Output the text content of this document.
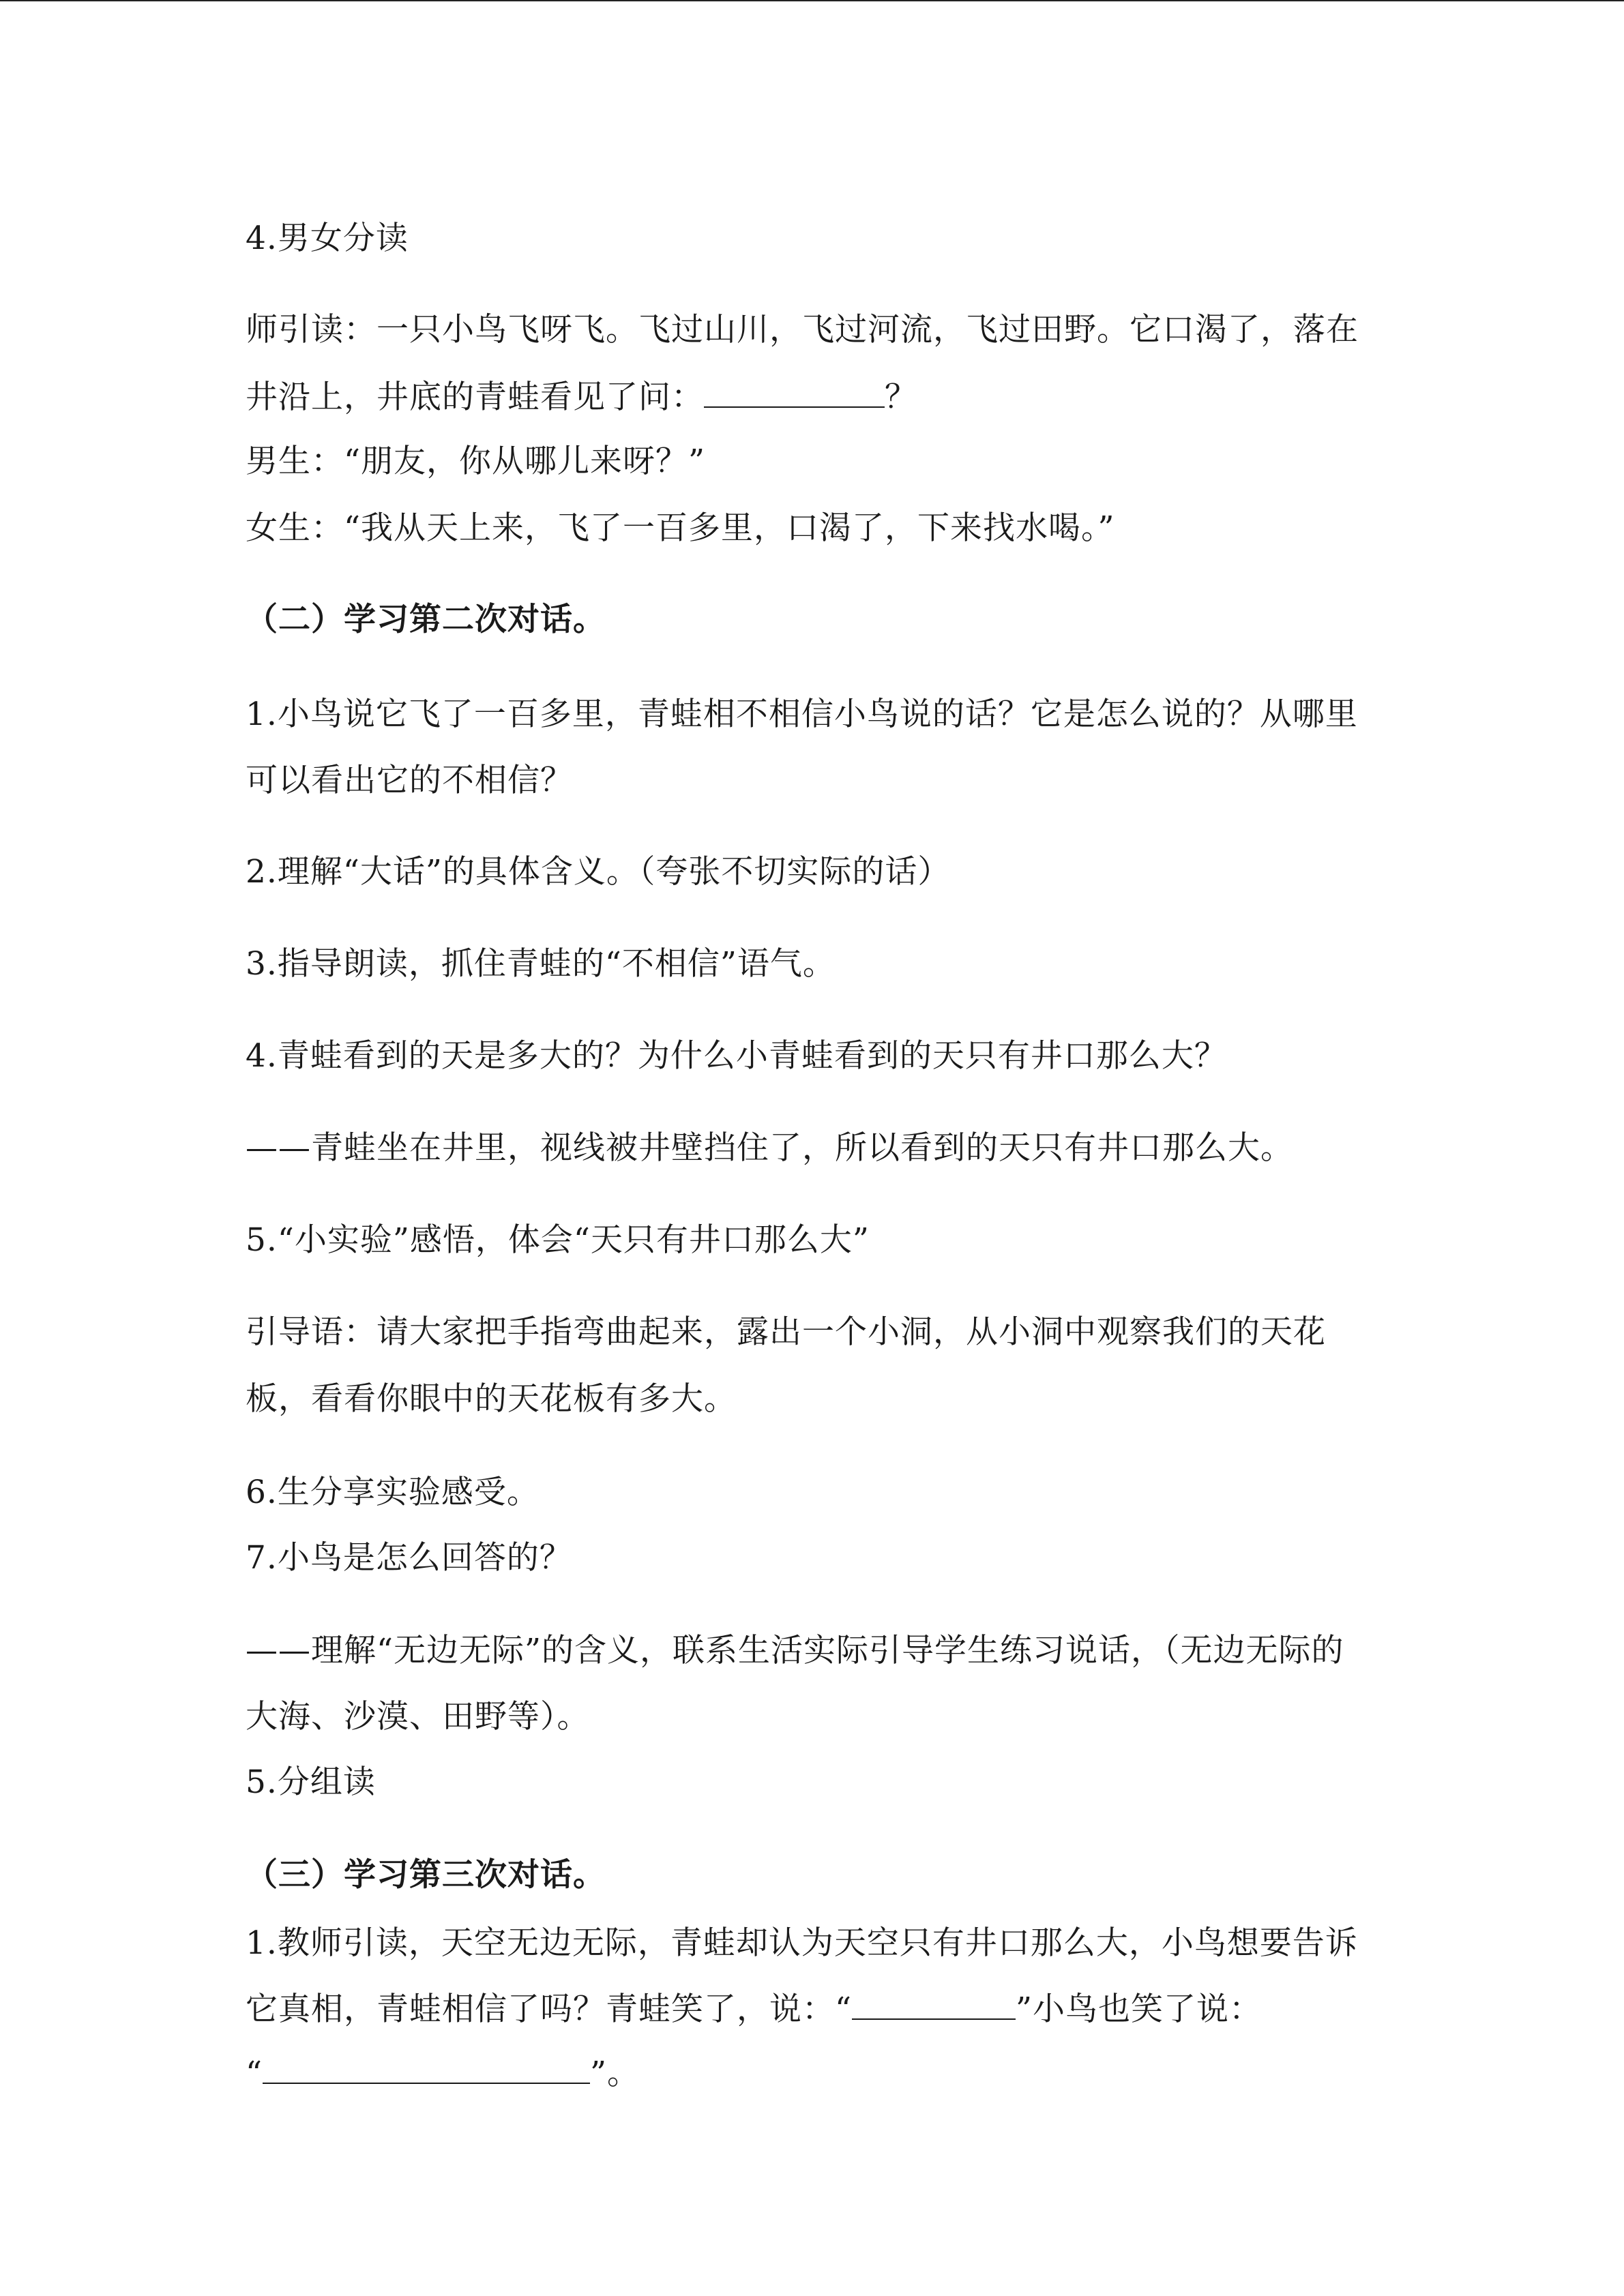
4.男女分读

师引读：一只小鸟飞呀飞。飞过山川，飞过河流，飞过田野。它口渴了，落在

井沿上，井底的青蛙看见了问：	？

男生：“朋友，你从哪儿来呀？”

女生：“我从天上来，飞了一百多里，口渴了，下来找水喝。”

（二）学习第二次对话。

1.小鸟说它飞了一百多里，青蛙相不相信小鸟说的话？它是怎么说的？从哪里

可以看出它的不相信？

2.理解“大话”的具体含义。（夸张不切实际的话）

3.指导朗读，抓住青蛙的“不相信”语气。

4.青蛙看到的天是多大的？为什么小青蛙看到的天只有井口那么大？

——青蛙坐在井里，视线被井壁挡住了，所以看到的天只有井口那么大。

5.“小实验”感悟，体会“天只有井口那么大”

引导语：请大家把手指弯曲起来，露出一个小洞，从小洞中观察我们的天花

板，看看你眼中的天花板有多大。

6.生分享实验感受。

7.小鸟是怎么回答的？

——理解“无边无际”的含义，联系生活实际引导学生练习说话，（无边无际的

大海、沙漠、田野等）。

5.分组读

（三）学习第三次对话。

1.教师引读，天空无边无际，青蛙却认为天空只有井口那么大，小鸟想要告诉

它真相，青蛙相信了吗？青蛙笑了，说：“	”小鸟也笑了说：

“	”。
